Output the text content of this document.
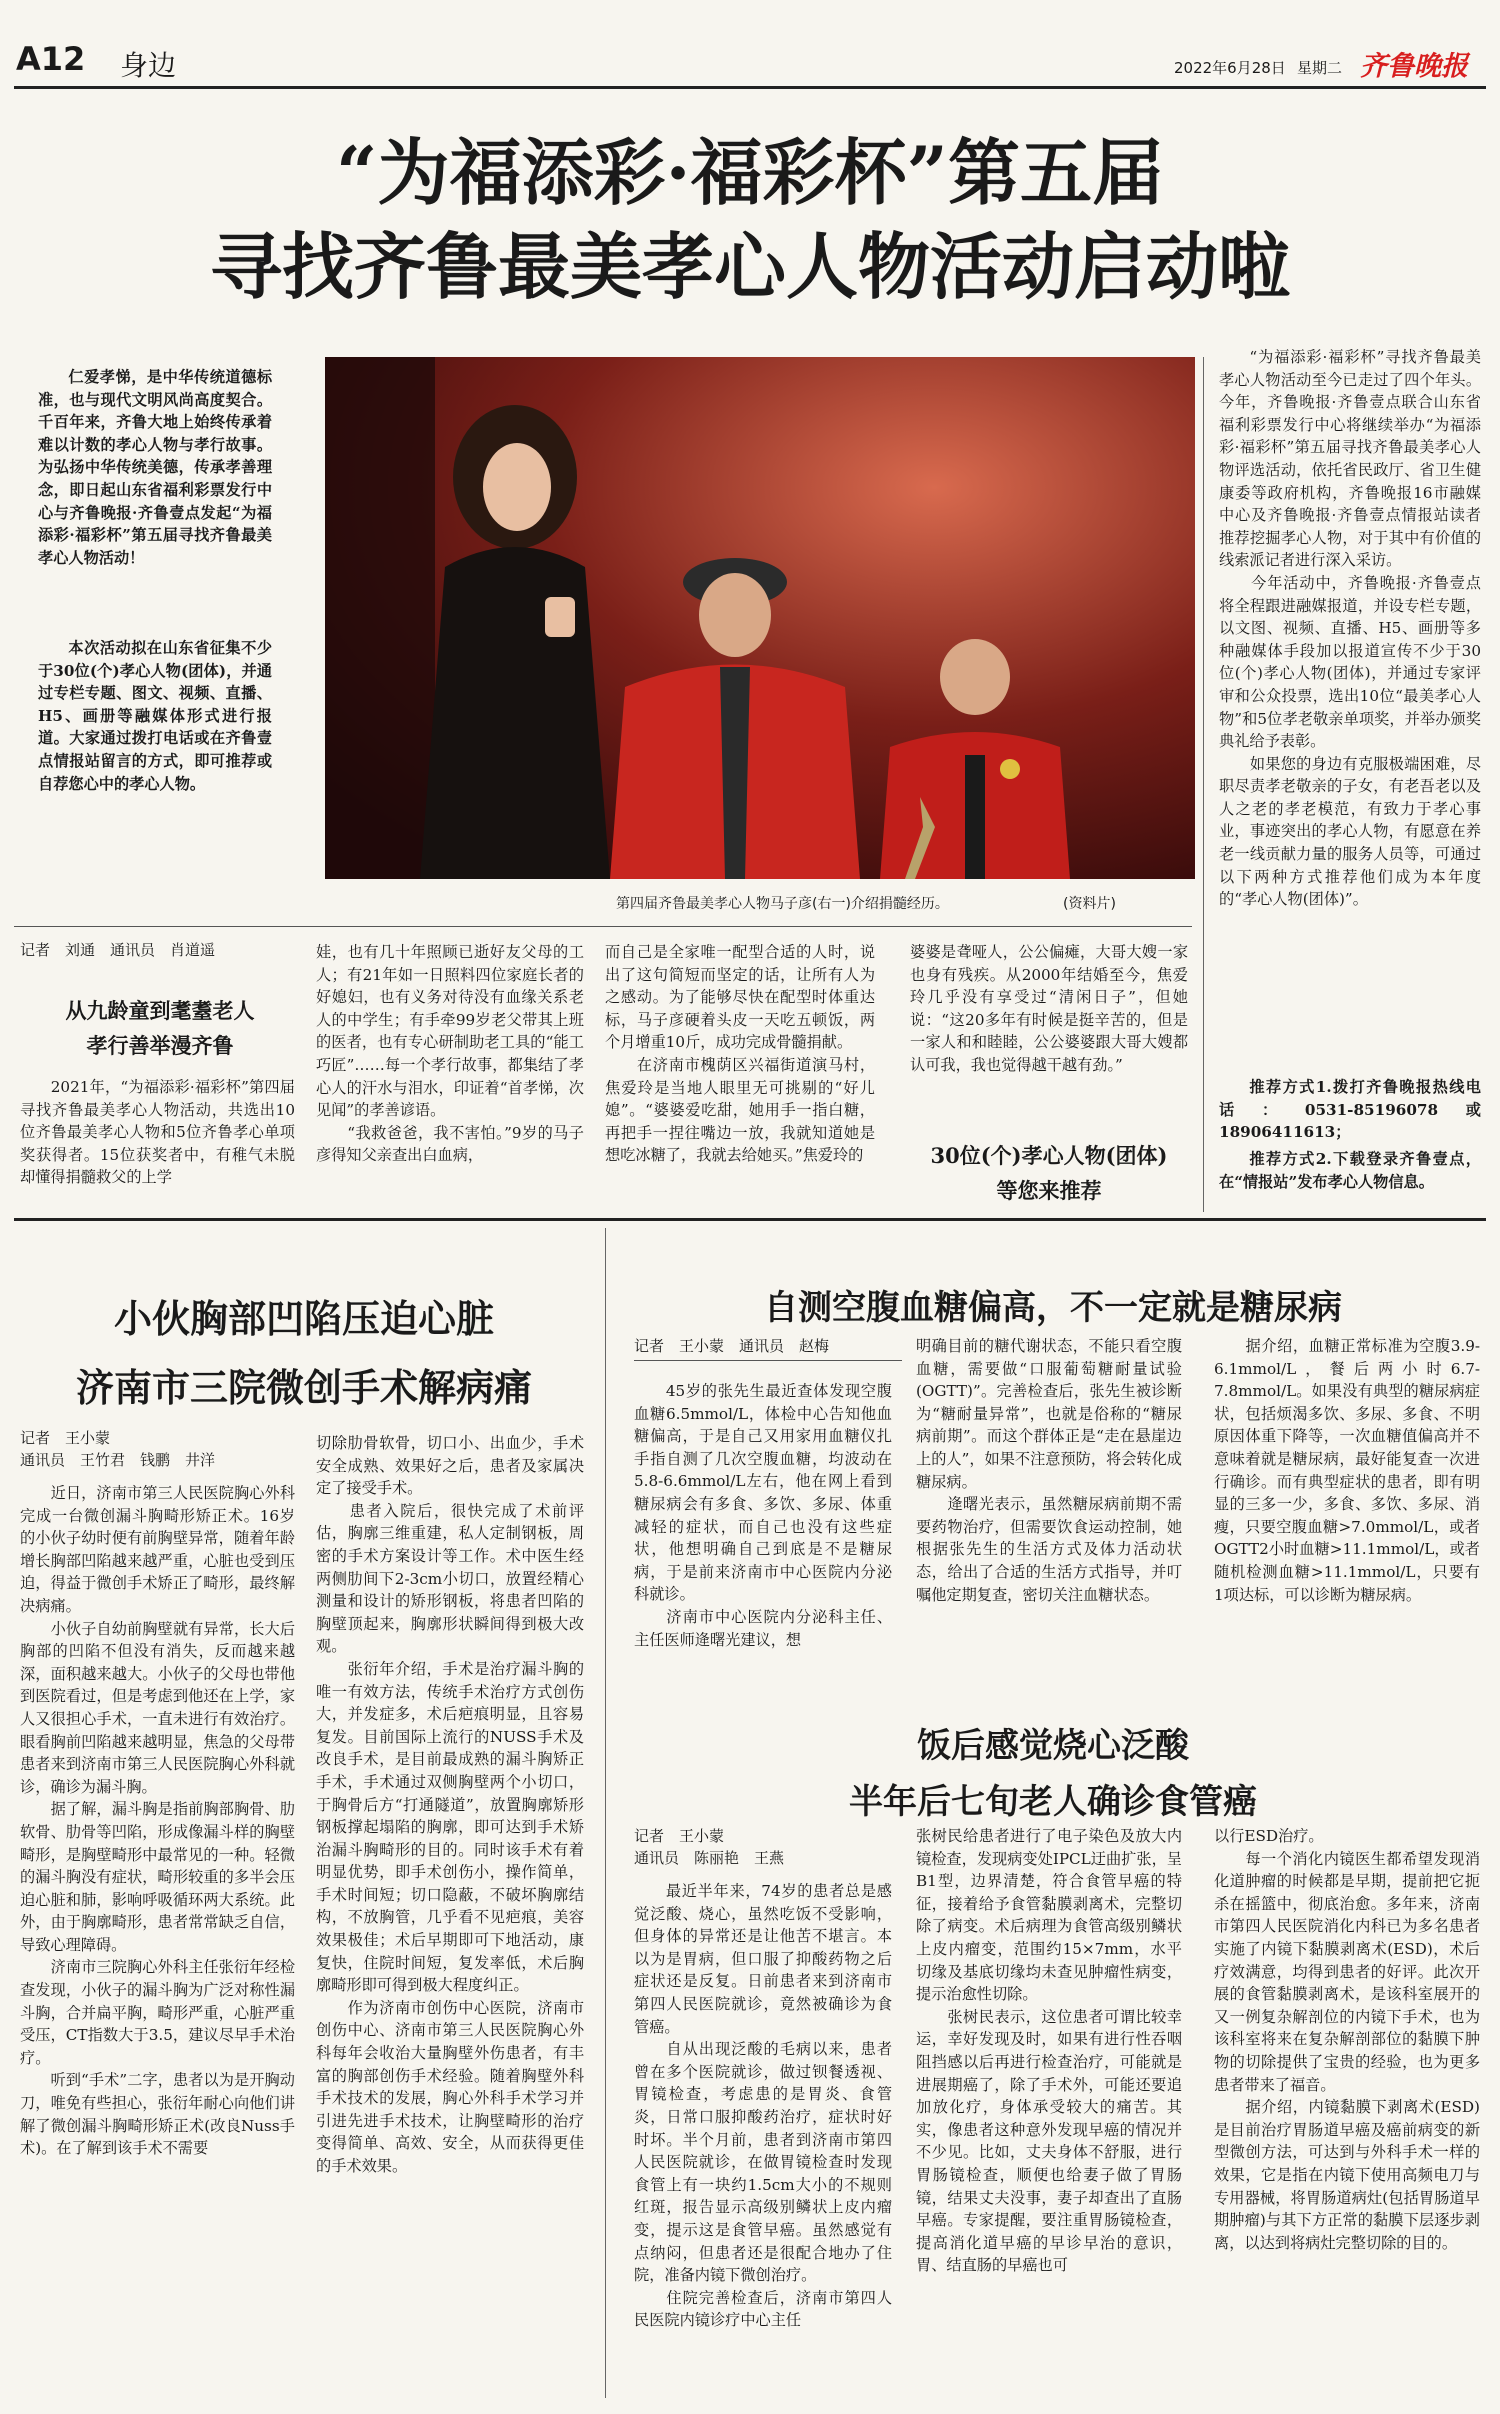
A12 身边	2022年6月28日 星期二 齐鲁晚报
“为福添彩·福彩杯”第五届
寻找齐鲁最美孝心人物活动启动啦

仁爱孝悌，是中华传统道德标准，也与现代文明风尚高度契合。千百年来，齐鲁大地上始终传承着难以计数的孝心人物与孝行故事。为弘扬中华传统美德，传承孝善理念，即日起山东省福利彩票发行中心与齐鲁晚报·齐鲁壹点发起“为福添彩·福彩杯”第五届寻找齐鲁最美孝心人物活动！

本次活动拟在山东省征集不少于30位(个)孝心人物(团体)，并通过专栏专题、图文、视频、直播、H5、画册等融媒体形式进行报道。大家通过拨打电话或在齐鲁壹点情报站留言的方式，即可推荐或自荐您心中的孝心人物。

第四届齐鲁最美孝心人物马子彦(右一)介绍捐髓经历。	(资料片)

“为福添彩·福彩杯”寻找齐鲁最美孝心人物活动至今已走过了四个年头。今年，齐鲁晚报·齐鲁壹点联合山东省福利彩票发行中心将继续举办“为福添彩·福彩杯”第五届寻找齐鲁最美孝心人物评选活动，依托省民政厅、省卫生健康委等政府机构，齐鲁晚报16市融媒中心及齐鲁晚报·齐鲁壹点情报站读者推荐挖掘孝心人物，对于其中有价值的线索派记者进行深入采访。
　　今年活动中，齐鲁晚报·齐鲁壹点将全程跟进融媒报道，并设专栏专题，以文图、视频、直播、H5、画册等多种融媒体手段加以报道宣传不少于30位(个)孝心人物(团体)，并通过专家评审和公众投票，选出10位“最美孝心人物”和5位孝老敬亲单项奖，并举办颁奖典礼给予表彰。
　　如果您的身边有克服极端困难，尽职尽责孝老敬亲的子女，有老吾老以及人之老的孝老模范，有致力于孝心事业，事迹突出的孝心人物，有愿意在养老一线贡献力量的服务人员等，可通过以下两种方式推荐他们成为本年度的“孝心人物(团体)”。

推荐方式1.拨打齐鲁晚报热线电话：0531-85196078或18906411613；

推荐方式2.下载登录齐鲁壹点，在“情报站”发布孝心人物信息。

记者　刘通　通讯员　肖道遥
从九龄童到耄耋老人
孝行善举漫齐鲁

　　2021年，“为福添彩·福彩杯”第四届寻找齐鲁最美孝心人物活动，共选出10位齐鲁最美孝心人物和5位齐鲁孝心单项奖获得者。15位获奖者中，有稚气未脱却懂得捐髓救父的上学

娃，也有几十年照顾已逝好友父母的工人；有21年如一日照料四位家庭长者的好媳妇，也有义务对待没有血缘关系老人的中学生；有手牵99岁老父带其上班的医者，也有专心研制助老工具的“能工巧匠”……每一个孝行故事，都集结了孝心人的汗水与泪水，印证着“首孝悌，次见闻”的孝善谚语。
　　“我救爸爸，我不害怕。”9岁的马子彦得知父亲查出白血病，

而自己是全家唯一配型合适的人时，说出了这句简短而坚定的话，让所有人为之感动。为了能够尽快在配型时体重达标，马子彦硬着头皮一天吃五顿饭，两个月增重10斤，成功完成骨髓捐献。
　　在济南市槐荫区兴福街道演马村，焦爱玲是当地人眼里无可挑剔的“好儿媳”。“婆婆爱吃甜，她用手一指白糖，再把手一捏往嘴边一放，我就知道她是想吃冰糖了，我就去给她买。”焦爱玲的

婆婆是聋哑人，公公偏瘫，大哥大嫂一家也身有残疾。从2000年结婚至今，焦爱玲几乎没有享受过“清闲日子”，但她说：“这20多年有时候是挺辛苦的，但是一家人和和睦睦，公公婆婆跟大哥大嫂都认可我，我也觉得越干越有劲。”

30位(个)孝心人物(团体)
等您来推荐
小伙胸部凹陷压迫心脏
济南市三院微创手术解病痛
记者　王小蒙
通讯员　王竹君　钱鹏　井洋

　　近日，济南市第三人民医院胸心外科完成一台微创漏斗胸畸形矫正术。16岁的小伙子幼时便有前胸壁异常，随着年龄增长胸部凹陷越来越严重，心脏也受到压迫，得益于微创手术矫正了畸形，最终解决病痛。
　　小伙子自幼前胸壁就有异常，长大后胸部的凹陷不但没有消失，反而越来越深，面积越来越大。小伙子的父母也带他到医院看过，但是考虑到他还在上学，家人又很担心手术，一直未进行有效治疗。眼看胸前凹陷越来越明显，焦急的父母带患者来到济南市第三人民医院胸心外科就诊，确诊为漏斗胸。
　　据了解，漏斗胸是指前胸部胸骨、肋软骨、肋骨等凹陷，形成像漏斗样的胸壁畸形，是胸壁畸形中最常见的一种。轻微的漏斗胸没有症状，畸形较重的多半会压迫心脏和肺，影响呼吸循环两大系统。此外，由于胸廓畸形，患者常常缺乏自信，导致心理障碍。
　　济南市三院胸心外科主任张衍年经检查发现，小伙子的漏斗胸为广泛对称性漏斗胸，合并扁平胸，畸形严重，心脏严重受压，CT指数大于3.5，建议尽早手术治疗。
　　听到“手术”二字，患者以为是开胸动刀，唯免有些担心，张衍年耐心向他们讲解了微创漏斗胸畸形矫正术(改良Nuss手术)。在了解到该手术不需要

切除肋骨软骨，切口小、出血少，手术安全成熟、效果好之后，患者及家属决定了接受手术。
　　患者入院后，很快完成了术前评估，胸廓三维重建，私人定制钢板，周密的手术方案设计等工作。术中医生经两侧肋间下2-3cm小切口，放置经精心测量和设计的矫形钢板，将患者凹陷的胸壁顶起来，胸廓形状瞬间得到极大改观。
　　张衍年介绍，手术是治疗漏斗胸的唯一有效方法，传统手术治疗方式创伤大，并发症多，术后疤痕明显，且容易复发。目前国际上流行的NUSS手术及改良手术，是目前最成熟的漏斗胸矫正手术，手术通过双侧胸壁两个小切口，于胸骨后方“打通隧道”，放置胸廓矫形钢板撑起塌陷的胸廓，即可达到手术矫治漏斗胸畸形的目的。同时该手术有着明显优势，即手术创伤小，操作简单，手术时间短；切口隐蔽，不破坏胸廓结构，不放胸管，几乎看不见疤痕，美容效果极佳；术后早期即可下地活动，康复快，住院时间短，复发率低，术后胸廓畸形即可得到极大程度纠正。
　　作为济南市创伤中心医院，济南市创伤中心、济南市第三人民医院胸心外科每年会收治大量胸壁外伤患者，有丰富的胸部创伤手术经验。随着胸壁外科手术技术的发展，胸心外科手术学习并引进先进手术技术，让胸壁畸形的治疗变得简单、高效、安全，从而获得更佳的手术效果。

自测空腹血糖偏高，不一定就是糖尿病
记者　王小蒙　通讯员　赵梅

　　45岁的张先生最近查体发现空腹血糖6.5mmol/L，体检中心告知他血糖偏高，于是自己又用家用血糖仪扎手指自测了几次空腹血糖，均波动在5.8-6.6mmol/L左右，他在网上看到糖尿病会有多食、多饮、多尿、体重减轻的症状，而自己也没有这些症状，他想明确自己到底是不是糖尿病，于是前来济南市中心医院内分泌科就诊。
　　济南市中心医院内分泌科主任、主任医师逄曙光建议，想

明确目前的糖代谢状态，不能只看空腹血糖，需要做“口服葡萄糖耐量试验(OGTT)”。完善检查后，张先生被诊断为“糖耐量异常”，也就是俗称的“糖尿病前期”。而这个群体正是“走在悬崖边上的人”，如果不注意预防，将会转化成糖尿病。
　　逄曙光表示，虽然糖尿病前期不需要药物治疗，但需要饮食运动控制，她根据张先生的生活方式及体力活动状态，给出了合适的生活方式指导，并叮嘱他定期复查，密切关注血糖状态。

　　据介绍，血糖正常标准为空腹3.9-6.1mmol/L，餐后两小时6.7-7.8mmol/L。如果没有典型的糖尿病症状，包括烦渴多饮、多尿、多食、不明原因体重下降等，一次血糖值偏高并不意味着就是糖尿病，最好能复查一次进行确诊。而有典型症状的患者，即有明显的三多一少，多食、多饮、多尿、消瘦，只要空腹血糖>7.0mmol/L，或者OGTT2小时血糖>11.1mmol/L，或者随机检测血糖>11.1mmol/L，只要有1项达标，可以诊断为糖尿病。

饭后感觉烧心泛酸
半年后七旬老人确诊食管癌
记者　王小蒙
通讯员　陈丽艳　王燕

　　最近半年来，74岁的患者总是感觉泛酸、烧心，虽然吃饭不受影响，但身体的异常还是让他苦不堪言。本以为是胃病，但口服了抑酸药物之后症状还是反复。日前患者来到济南市第四人民医院就诊，竟然被确诊为食管癌。
　　自从出现泛酸的毛病以来，患者曾在多个医院就诊，做过钡餐透视、胃镜检查，考虑患的是胃炎、食管炎，日常口服抑酸药治疗，症状时好时坏。半个月前，患者到济南市第四人民医院就诊，在做胃镜检查时发现食管上有一块约1.5cm大小的不规则红斑，报告显示高级别鳞状上皮内瘤变，提示这是食管早癌。虽然感觉有点纳闷，但患者还是很配合地办了住院，准备内镜下微创治疗。
　　住院完善检查后，济南市第四人民医院内镜诊疗中心主任

张树民给患者进行了电子染色及放大内镜检查，发现病变处IPCL迂曲扩张，呈B1型，边界清楚，符合食管早癌的特征，接着给予食管黏膜剥离术，完整切除了病变。术后病理为食管高级别鳞状上皮内瘤变，范围约15×7mm，水平切缘及基底切缘均未查见肿瘤性病变，提示治愈性切除。
　　张树民表示，这位患者可谓比较幸运，幸好发现及时，如果有进行性吞咽阻挡感以后再进行检查治疗，可能就是进展期癌了，除了手术外，可能还要追加放化疗，身体承受较大的痛苦。其实，像患者这种意外发现早癌的情况并不少见。比如，丈夫身体不舒服，进行胃肠镜检查，顺便也给妻子做了胃肠镜，结果丈夫没事，妻子却查出了直肠早癌。专家提醒，要注重胃肠镜检查，提高消化道早癌的早诊早治的意识，胃、结直肠的早癌也可

以行ESD治疗。
　　每一个消化内镜医生都希望发现消化道肿瘤的时候都是早期，提前把它扼杀在摇篮中，彻底治愈。多年来，济南市第四人民医院消化内科已为多名患者实施了内镜下黏膜剥离术(ESD)，术后疗效满意，均得到患者的好评。此次开展的食管黏膜剥离术，是该科室展开的又一例复杂解剖位的内镜下手术，也为该科室将来在复杂解剖部位的黏膜下肿物的切除提供了宝贵的经验，也为更多患者带来了福音。
　　据介绍，内镜黏膜下剥离术(ESD)是目前治疗胃肠道早癌及癌前病变的新型微创方法，可达到与外科手术一样的效果，它是指在内镜下使用高频电刀与专用器械，将胃肠道病灶(包括胃肠道早期肿瘤)与其下方正常的黏膜下层逐步剥离，以达到将病灶完整切除的目的。
